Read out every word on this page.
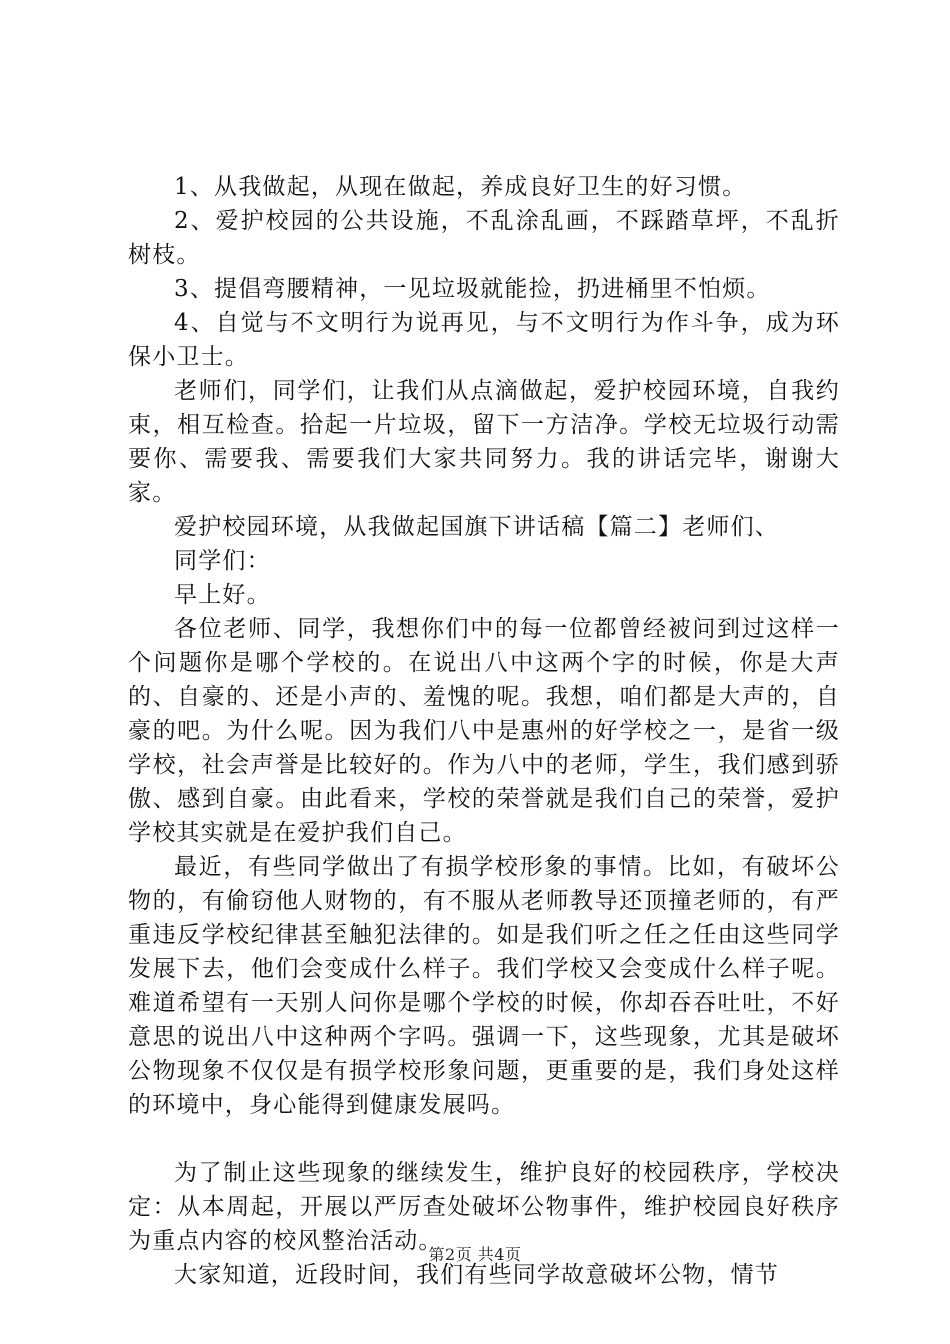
1、从我做起，从现在做起，养成良好卫生的好习惯。

2、爱护校园的公共设施，不乱涂乱画，不踩踏草坪，不乱折树枝。

3、提倡弯腰精神，一见垃圾就能捡，扔进桶里不怕烦。

4、自觉与不文明行为说再见，与不文明行为作斗争，成为环保小卫士。

老师们，同学们，让我们从点滴做起，爱护校园环境，自我约束，相互检查。拾起一片垃圾，留下一方洁净。学校无垃圾行动需要你、需要我、需要我们大家共同努力。我的讲话完毕，谢谢大家。

爱护校园环境，从我做起国旗下讲话稿【篇二】老师们、

同学们：

早上好。

各位老师、同学，我想你们中的每一位都曾经被问到过这样一个问题你是哪个学校的。在说出八中这两个字的时候，你是大声的、自豪的、还是小声的、羞愧的呢。我想，咱们都是大声的，自豪的吧。为什么呢。因为我们八中是惠州的好学校之一，是省一级学校，社会声誉是比较好的。作为八中的老师，学生，我们感到骄傲、感到自豪。由此看来，学校的荣誉就是我们自己的荣誉，爱护学校其实就是在爱护我们自己。

最近，有些同学做出了有损学校形象的事情。比如，有破坏公物的，有偷窃他人财物的，有不服从老师教导还顶撞老师的，有严重违反学校纪律甚至触犯法律的。如是我们听之任之任由这些同学发展下去，他们会变成什么样子。我们学校又会变成什么样子呢。难道希望有一天别人问你是哪个学校的时候，你却吞吞吐吐，不好意思的说出八中这种两个字吗。强调一下，这些现象，尤其是破坏公物现象不仅仅是有损学校形象问题，更重要的是，我们身处这样的环境中，身心能得到健康发展吗。

为了制止这些现象的继续发生，维护良好的校园秩序，学校决定：从本周起，开展以严厉查处破坏公物事件，维护校园良好秩序为重点内容的校风整治活动。

大家知道，近段时间，我们有些同学故意破坏公物，情节

第2页 共4页
